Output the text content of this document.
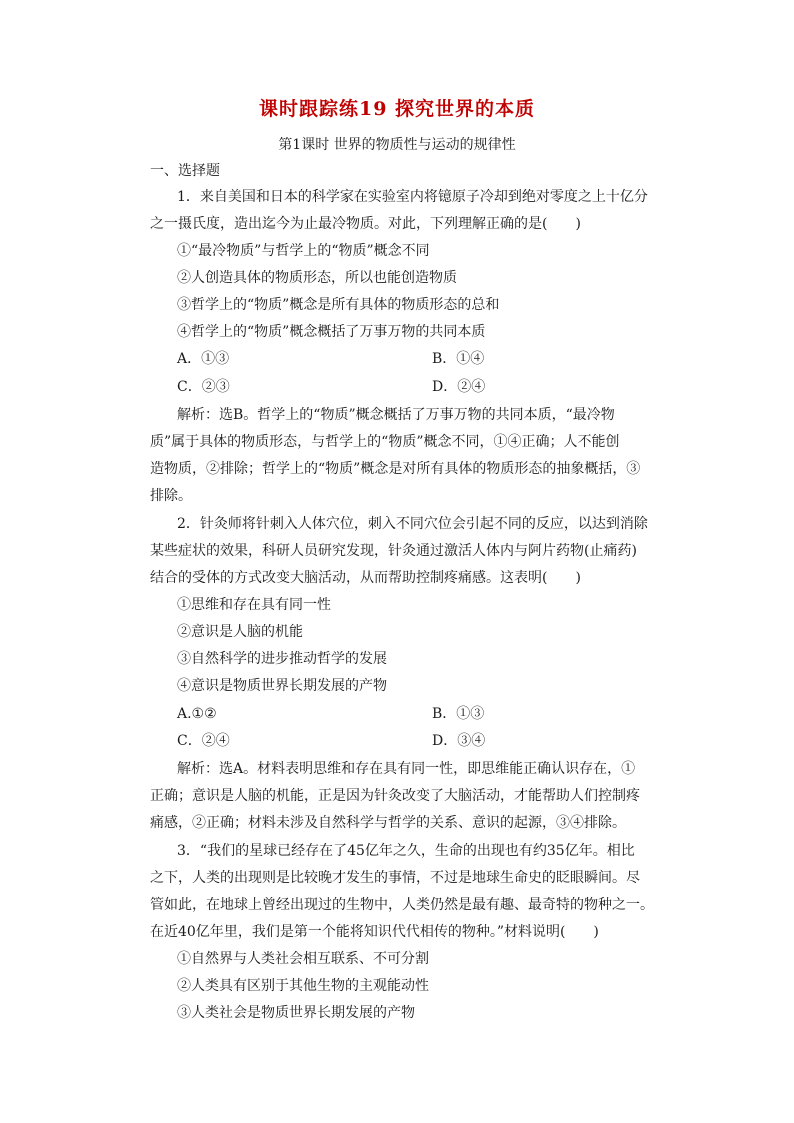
课时跟踪练19 探究世界的本质
第1课时 世界的物质性与运动的规律性
一、选择题
1．来自美国和日本的科学家在实验室内将镱原子冷却到绝对零度之上十亿分
之一摄氏度，造出迄今为止最冷物质。对此，下列理解正确的是(　　)
①“最冷物质”与哲学上的“物质”概念不同
②人创造具体的物质形态，所以也能创造物质
③哲学上的“物质”概念是所有具体的物质形态的总和
④哲学上的“物质”概念概括了万事万物的共同本质
A．①③	B．①④
C．②③	D．②④
解析：选B。哲学上的“物质”概念概括了万事万物的共同本质，“最冷物
质”属于具体的物质形态，与哲学上的“物质”概念不同，①④正确；人不能创
造物质，②排除；哲学上的“物质”概念是对所有具体的物质形态的抽象概括，③
排除。
2．针灸师将针刺入人体穴位，刺入不同穴位会引起不同的反应，以达到消除
某些症状的效果，科研人员研究发现，针灸通过激活人体内与阿片药物(止痛药)
结合的受体的方式改变大脑活动，从而帮助控制疼痛感。这表明(　　)
①思维和存在具有同一性
②意识是人脑的机能
③自然科学的进步推动哲学的发展
④意识是物质世界长期发展的产物
A.①②	B．①③
C．②④	D．③④
解析：选A。材料表明思维和存在具有同一性，即思维能正确认识存在，①
正确；意识是人脑的机能，正是因为针灸改变了大脑活动，才能帮助人们控制疼
痛感，②正确；材料未涉及自然科学与哲学的关系、意识的起源，③④排除。
3．“我们的星球已经存在了45亿年之久，生命的出现也有约35亿年。相比
之下，人类的出现则是比较晚才发生的事情，不过是地球生命史的眨眼瞬间。尽
管如此，在地球上曾经出现过的生物中，人类仍然是最有趣、最奇特的物种之一。
在近40亿年里，我们是第一个能将知识代代相传的物种。”材料说明(　　)
①自然界与人类社会相互联系、不可分割
②人类具有区别于其他生物的主观能动性
③人类社会是物质世界长期发展的产物
